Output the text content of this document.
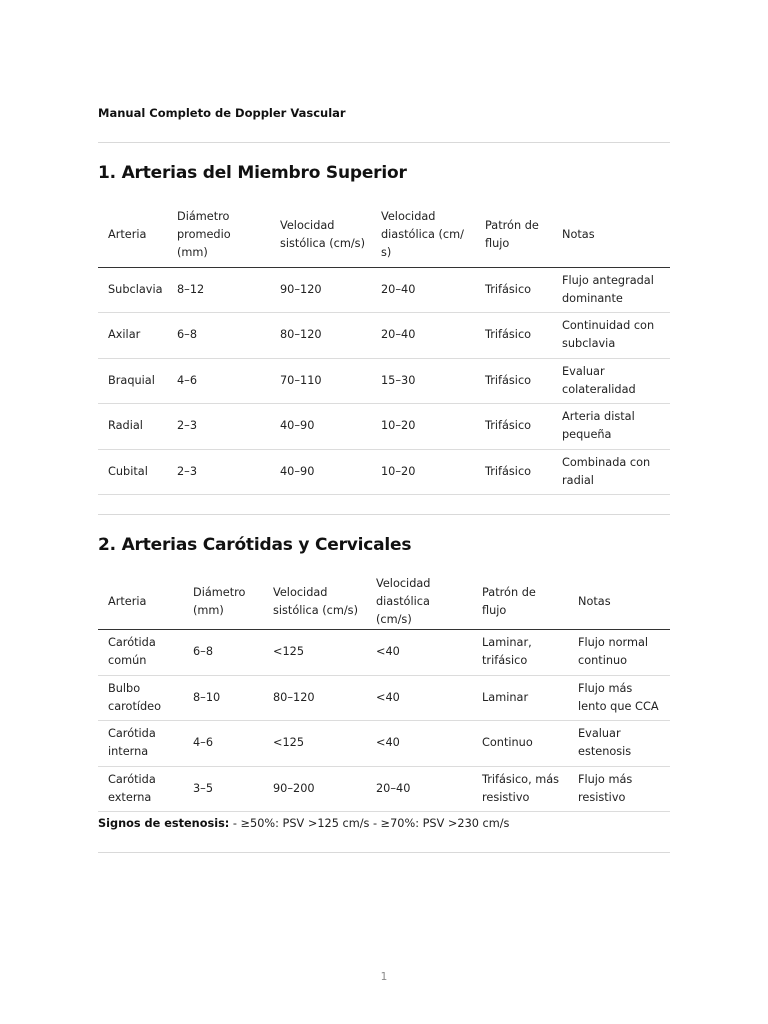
Manual Completo de Doppler Vascular
1. Arterias del Miembro Superior
Arteria	Diámetro promedio (mm)	Velocidad sistólica (cm/s)	Velocidad diastólica (cm/ s)	Patrón de flujo	Notas
Subclavia	8–12	90–120	20–40	Trifásico	Flujo antegradal dominante
Axilar	6–8	80–120	20–40	Trifásico	Continuidad con subclavia
Braquial	4–6	70–110	15–30	Trifásico	Evaluar colateralidad
Radial	2–3	40–90	10–20	Trifásico	Arteria distal pequeña
Cubital	2–3	40–90	10–20	Trifásico	Combinada con radial
2. Arterias Carótidas y Cervicales
Arteria	Diámetro (mm)	Velocidad sistólica (cm/s)	Velocidad diastólica (cm/s)	Patrón de flujo	Notas
Carótida común	6–8	<125	<40	Laminar, trifásico	Flujo normal continuo
Bulbo carotídeo	8–10	80–120	<40	Laminar	Flujo más lento que CCA
Carótida interna	4–6	<125	<40	Continuo	Evaluar estenosis
Carótida externa	3–5	90–200	20–40	Trifásico, más resistivo	Flujo más resistivo
Signos de estenosis: - ≥50%: PSV >125 cm/s - ≥70%: PSV >230 cm/s
1
